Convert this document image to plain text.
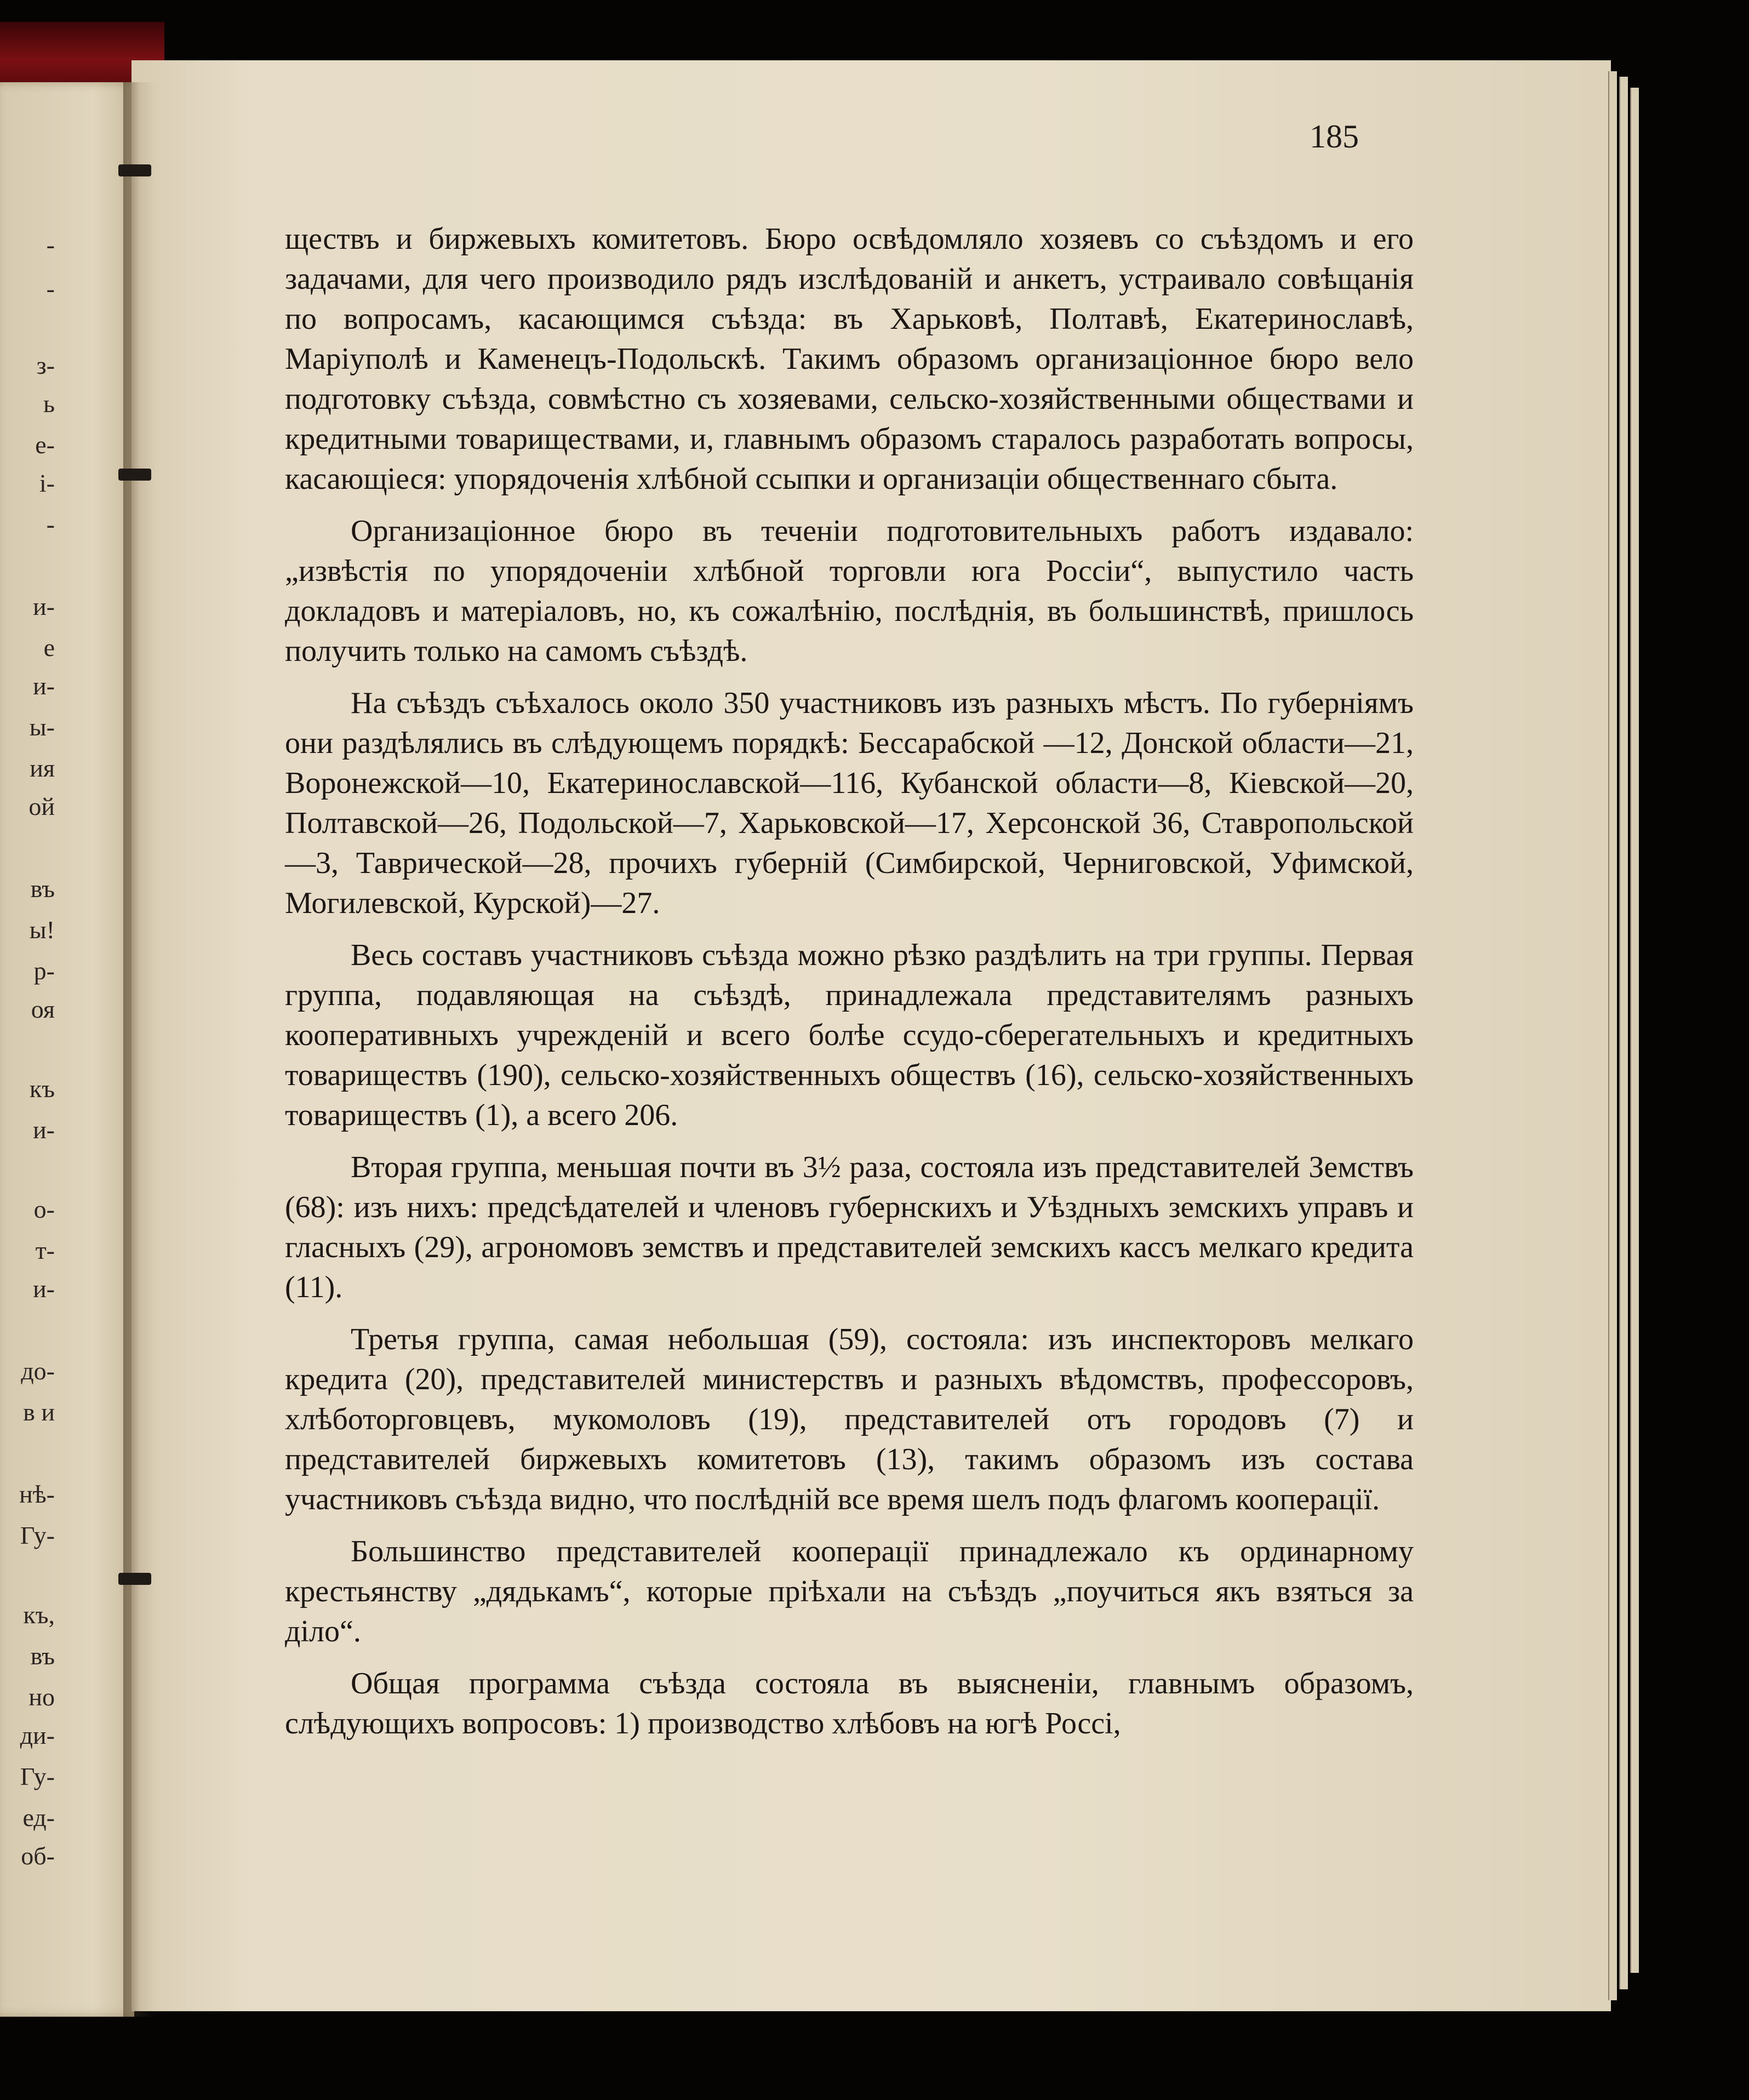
-
-
з-
ь
е-
і-
-
и-
е
и-
ы-
ия
ой
въ
ы!
р-
оя
къ
и-
о-
т-
и-
до-
в и
нѣ-
Гу-
къ,
въ
но
ди-
Гу-
ед-
об-
185

ществъ и биржевыхъ комитетовъ. Бюро освѣдомляло хозяевъ со съѣздомъ и его задачами, для чего производило рядъ изслѣдованій и анкетъ, устраивало совѣщанія по вопросамъ, касающимся съѣзда: въ Харьковѣ, Полтавѣ, Екатеринославѣ, Маріуполѣ и Каменецъ-Подольскѣ. Такимъ образомъ организаціонное бюро вело подготовку съѣзда, совмѣстно съ хозяевами, сельско-хозяйственными обществами и кредитными товариществами, и, главнымъ образомъ старалось разработать вопросы, касающіеся: упорядоченія хлѣбной ссыпки и организаціи общественнаго сбыта.

Организаціонное бюро въ теченіи подготовительныхъ работъ издавало: „извѣстія по упорядоченіи хлѣбной торговли юга Россіи“, выпустило часть докладовъ и матеріаловъ, но, къ сожалѣнію, послѣднія, въ большинствѣ, пришлось получить только на самомъ съѣздѣ.

На съѣздъ съѣхалось около 350 участниковъ изъ разныхъ мѣстъ. По губерніямъ они раздѣлялись въ слѣдующемъ порядкѣ: Бессарабской —12, Донской области—21, Воронежской—10, Екатеринославской—116, Кубанской области—8, Кіевской—20, Полтавской—26, Подольской—7, Харьковской—17, Херсонской 36, Ставропольской—3, Таврической—28, прочихъ губерній (Симбирской, Черниговской, Уфимской, Могилевской, Курской)—27.

Весь составъ участниковъ съѣзда можно рѣзко раздѣлить на три группы. Первая группа, подавляющая на съѣздѣ, принадлежала представителямъ разныхъ кооперативныхъ учрежденій и всего болѣе ссудо-сберегательныхъ и кредитныхъ товариществъ (190), сельско-хозяйственныхъ обществъ (16), сельско-хозяйственныхъ товариществъ (1), а всего 206.

Вторая группа, меньшая почти въ 3½ раза, состояла изъ представителей Земствъ (68): изъ нихъ: предсѣдателей и членовъ губернскихъ и Уѣздныхъ земскихъ управъ и гласныхъ (29), агрономовъ земствъ и представителей земскихъ кассъ мелкаго кредита (11).

Третья группа, самая небольшая (59), состояла: изъ инспекторовъ мелкаго кредита (20), представителей министерствъ и разныхъ вѣдомствъ, профессоровъ, хлѣботорговцевъ, мукомоловъ (19), представителей отъ городовъ (7) и представителей биржевыхъ комитетовъ (13), такимъ образомъ изъ состава участниковъ съѣзда видно, что послѣдній все время шелъ подъ флагомъ кооперації.

Большинство представителей кооперації принадлежало къ ординарному крестьянству „дядькамъ“, которые пріѣхали на съѣздъ „поучиться якъ взяться за діло“.

Общая программа съѣзда состояла въ выясненіи, главнымъ образомъ, слѣдующихъ вопросовъ: 1) производство хлѣбовъ на югѣ Россі,
